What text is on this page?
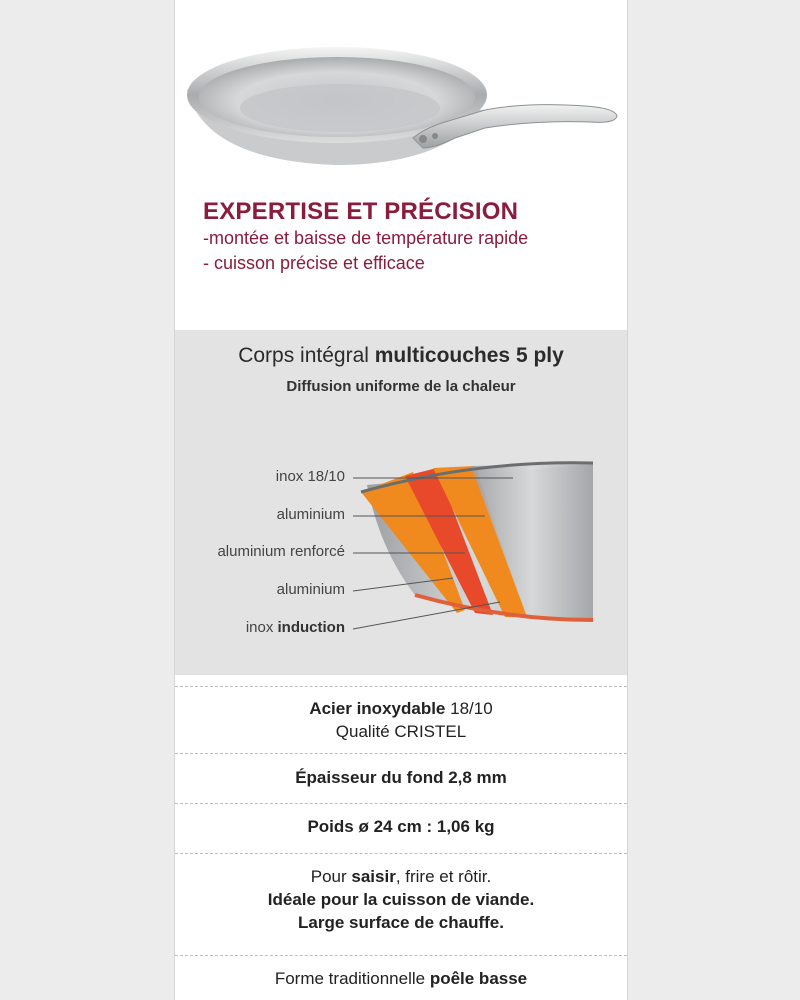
EXPERTISE ET PRÉCISION
-montée et baisse de température rapide
- cuisson précise et efficace
Corps intégral multicouches 5 ply
Diffusion uniforme de la chaleur
inox 18/10
aluminium
aluminium renforcé
aluminium
inox induction
Acier inoxydable 18/10
Qualité CRISTEL
Épaisseur du fond 2,8 mm
Poids ø 24 cm : 1,06 kg
Pour saisir, frire et rôtir.
Idéale pour la cuisson de viande.
Large surface de chauffe.
Forme traditionnelle poêle basse
